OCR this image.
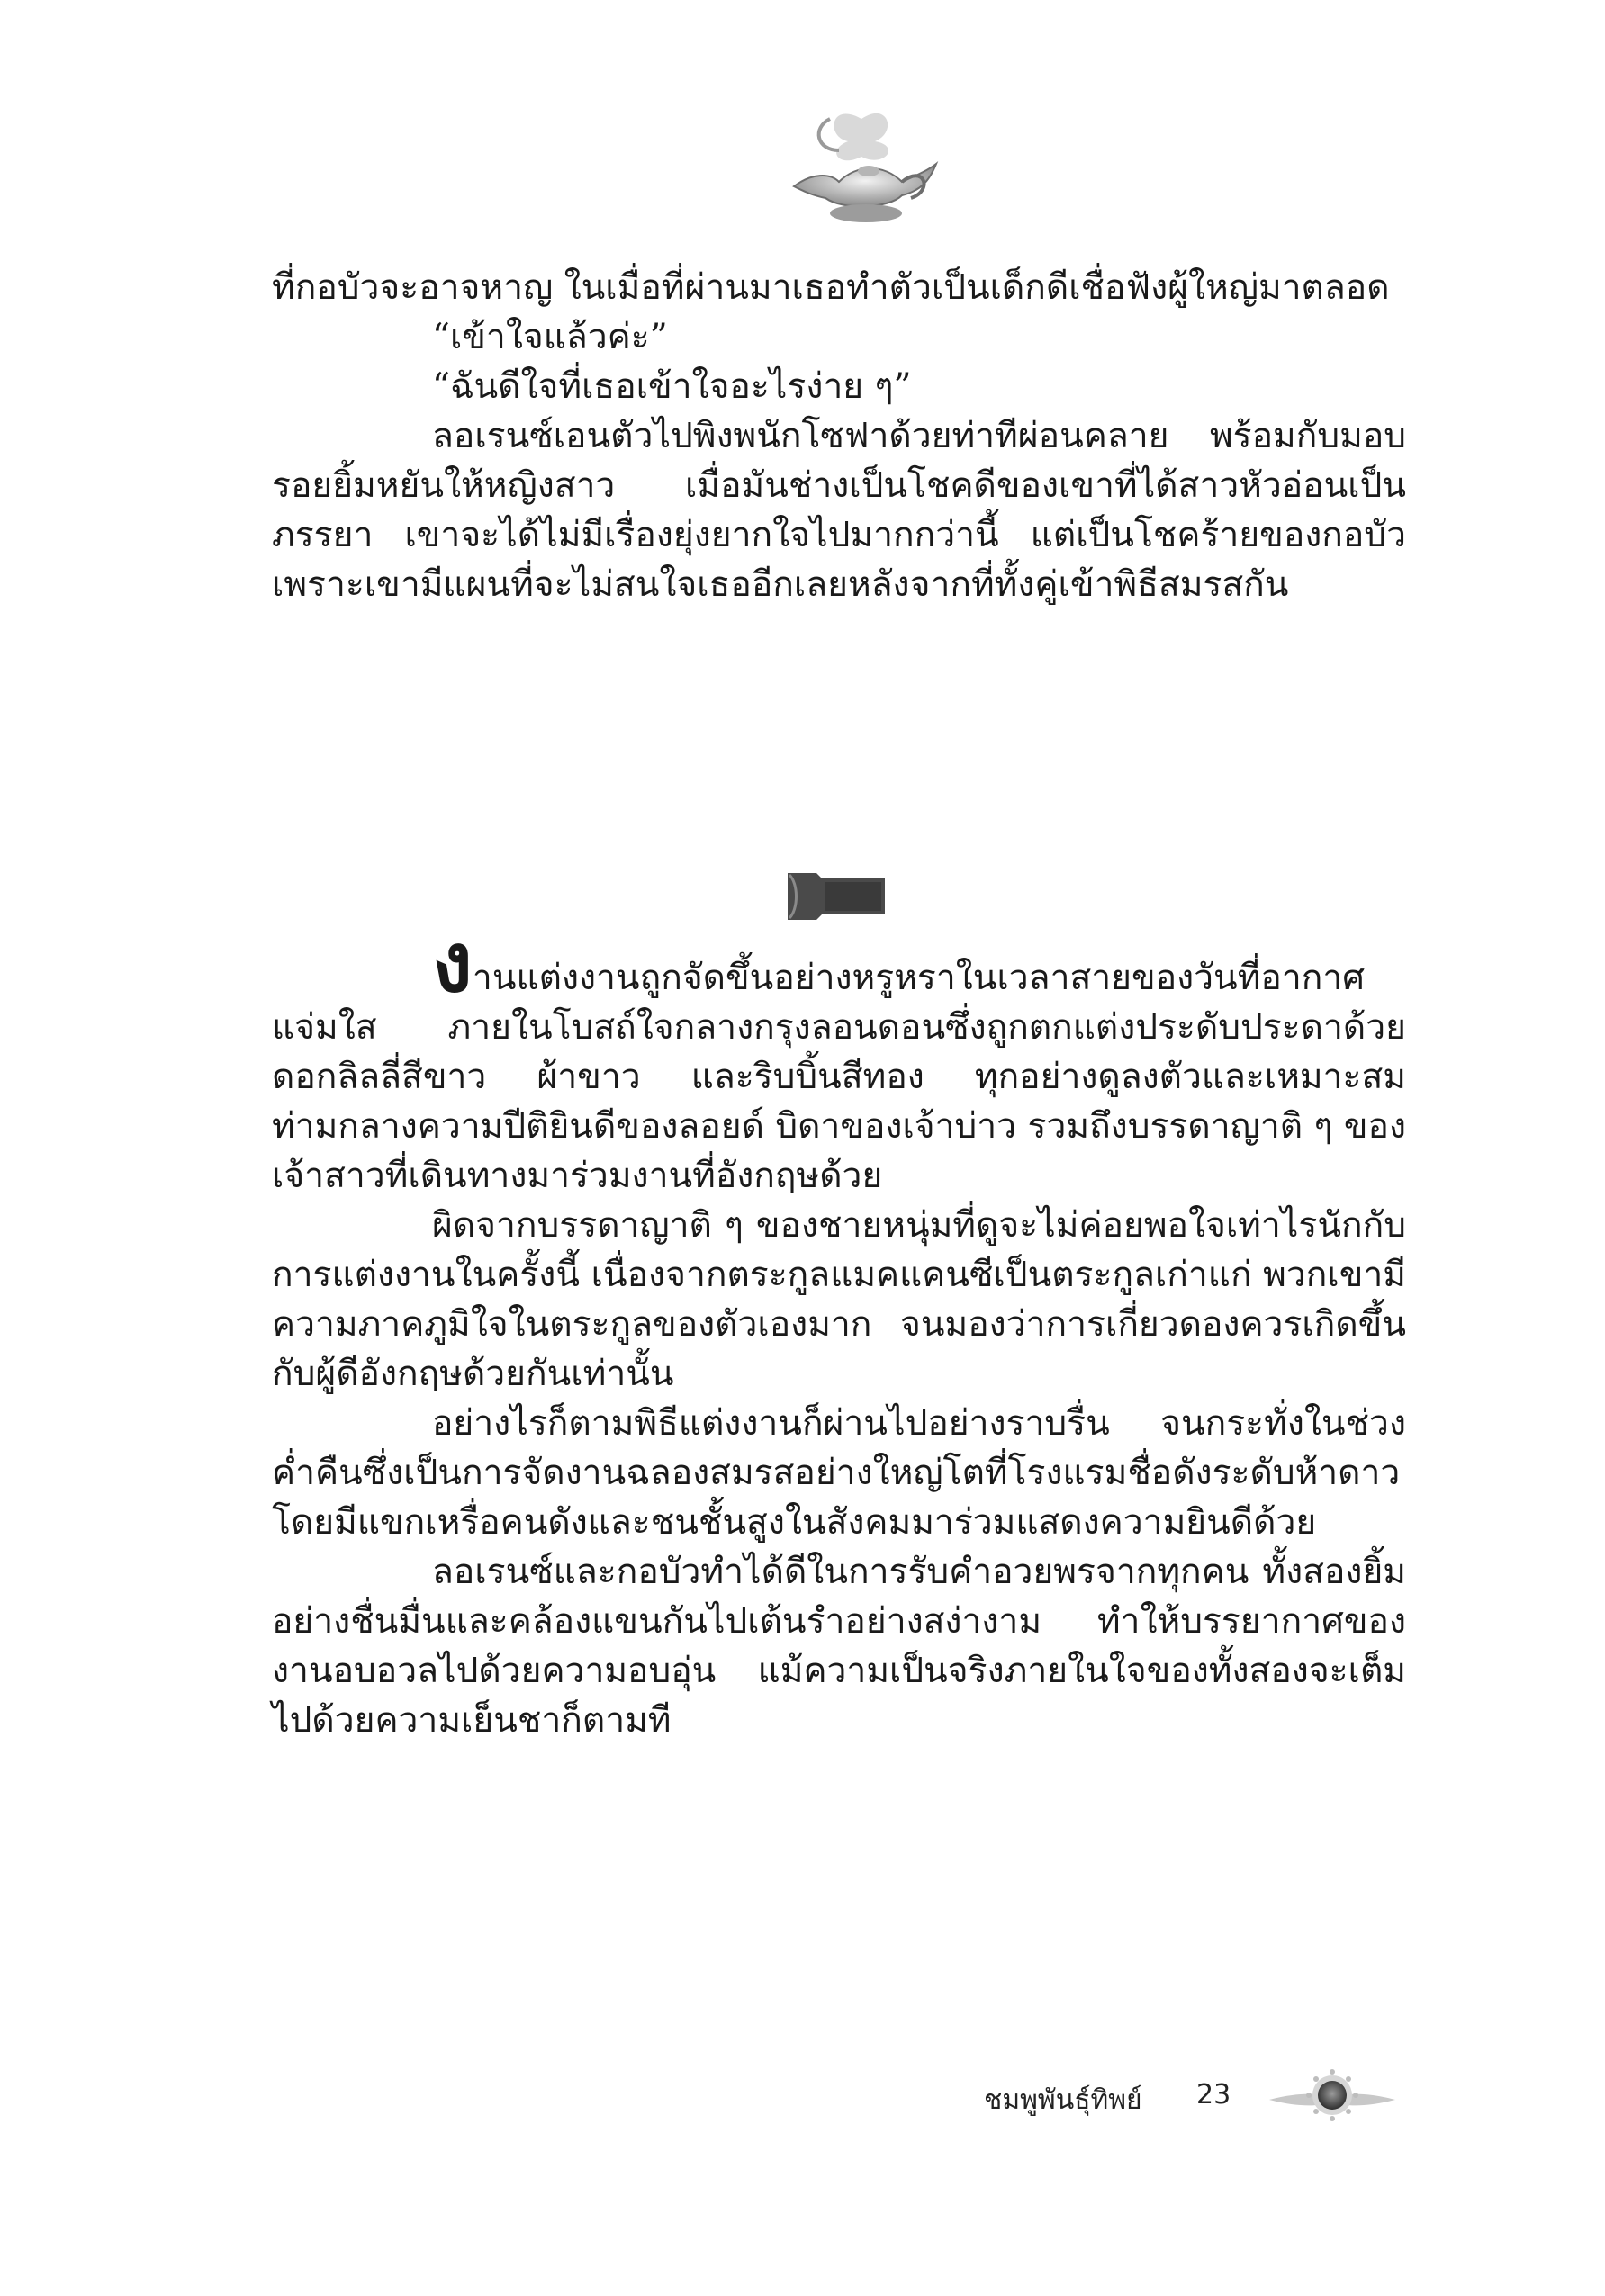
ที่กอบัวจะอาจหาญ ในเมื่อที่ผ่านมาเธอทำตัวเป็นเด็กดีเชื่อฟังผู้ใหญ่มาตลอด

“เข้าใจแล้วค่ะ”

“ฉันดีใจที่เธอเข้าใจอะไรง่าย ๆ”

ลอเรนซ์เอนตัวไปพิงพนักโซฟาด้วยท่าทีผ่อนคลาย พร้อมกับมอบรอยยิ้มหยันให้หญิงสาว เมื่อมันช่างเป็นโชคดีของเขาที่ได้สาวหัวอ่อนเป็นภรรยา เขาจะได้ไม่มีเรื่องยุ่งยากใจไปมากกว่านี้ แต่เป็นโชคร้ายของกอบัว เพราะเขามีแผนที่จะไม่สนใจเธออีกเลยหลังจากที่ทั้งคู่เข้าพิธีสมรสกัน

งานแต่งงานถูกจัดขึ้นอย่างหรูหราในเวลาสายของวันที่อากาศแจ่มใส ภายในโบสถ์ใจกลางกรุงลอนดอนซึ่งถูกตกแต่งประดับประดาด้วยดอกลิลลี่สีขาว ผ้าขาว และริบบิ้นสีทอง ทุกอย่างดูลงตัวและเหมาะสมท่ามกลางความปีติยินดีของลอยด์ บิดาของเจ้าบ่าว รวมถึงบรรดาญาติ ๆ ของเจ้าสาวที่เดินทางมาร่วมงานที่อังกฤษด้วย

ผิดจากบรรดาญาติ ๆ ของชายหนุ่มที่ดูจะไม่ค่อยพอใจเท่าไรนักกับการแต่งงานในครั้งนี้ เนื่องจากตระกูลแมคแคนซีเป็นตระกูลเก่าแก่ พวกเขามีความภาคภูมิใจในตระกูลของตัวเองมาก จนมองว่าการเกี่ยวดองควรเกิดขึ้นกับผู้ดีอังกฤษด้วยกันเท่านั้น

อย่างไรก็ตามพิธีแต่งงานก็ผ่านไปอย่างราบรื่น จนกระทั่งในช่วงค่ำคืนซึ่งเป็นการจัดงานฉลองสมรสอย่างใหญ่โตที่โรงแรมชื่อดังระดับห้าดาว โดยมีแขกเหรื่อคนดังและชนชั้นสูงในสังคมมาร่วมแสดงความยินดีด้วย

ลอเรนซ์และกอบัวทำได้ดีในการรับคำอวยพรจากทุกคน ทั้งสองยิ้มอย่างชื่นมื่นและคล้องแขนกันไปเต้นรำอย่างสง่างาม ทำให้บรรยากาศของงานอบอวลไปด้วยความอบอุ่น แม้ความเป็นจริงภายในใจของทั้งสองจะเต็มไปด้วยความเย็นชาก็ตามที

ชมพูพันธุ์ทิพย์ 23
